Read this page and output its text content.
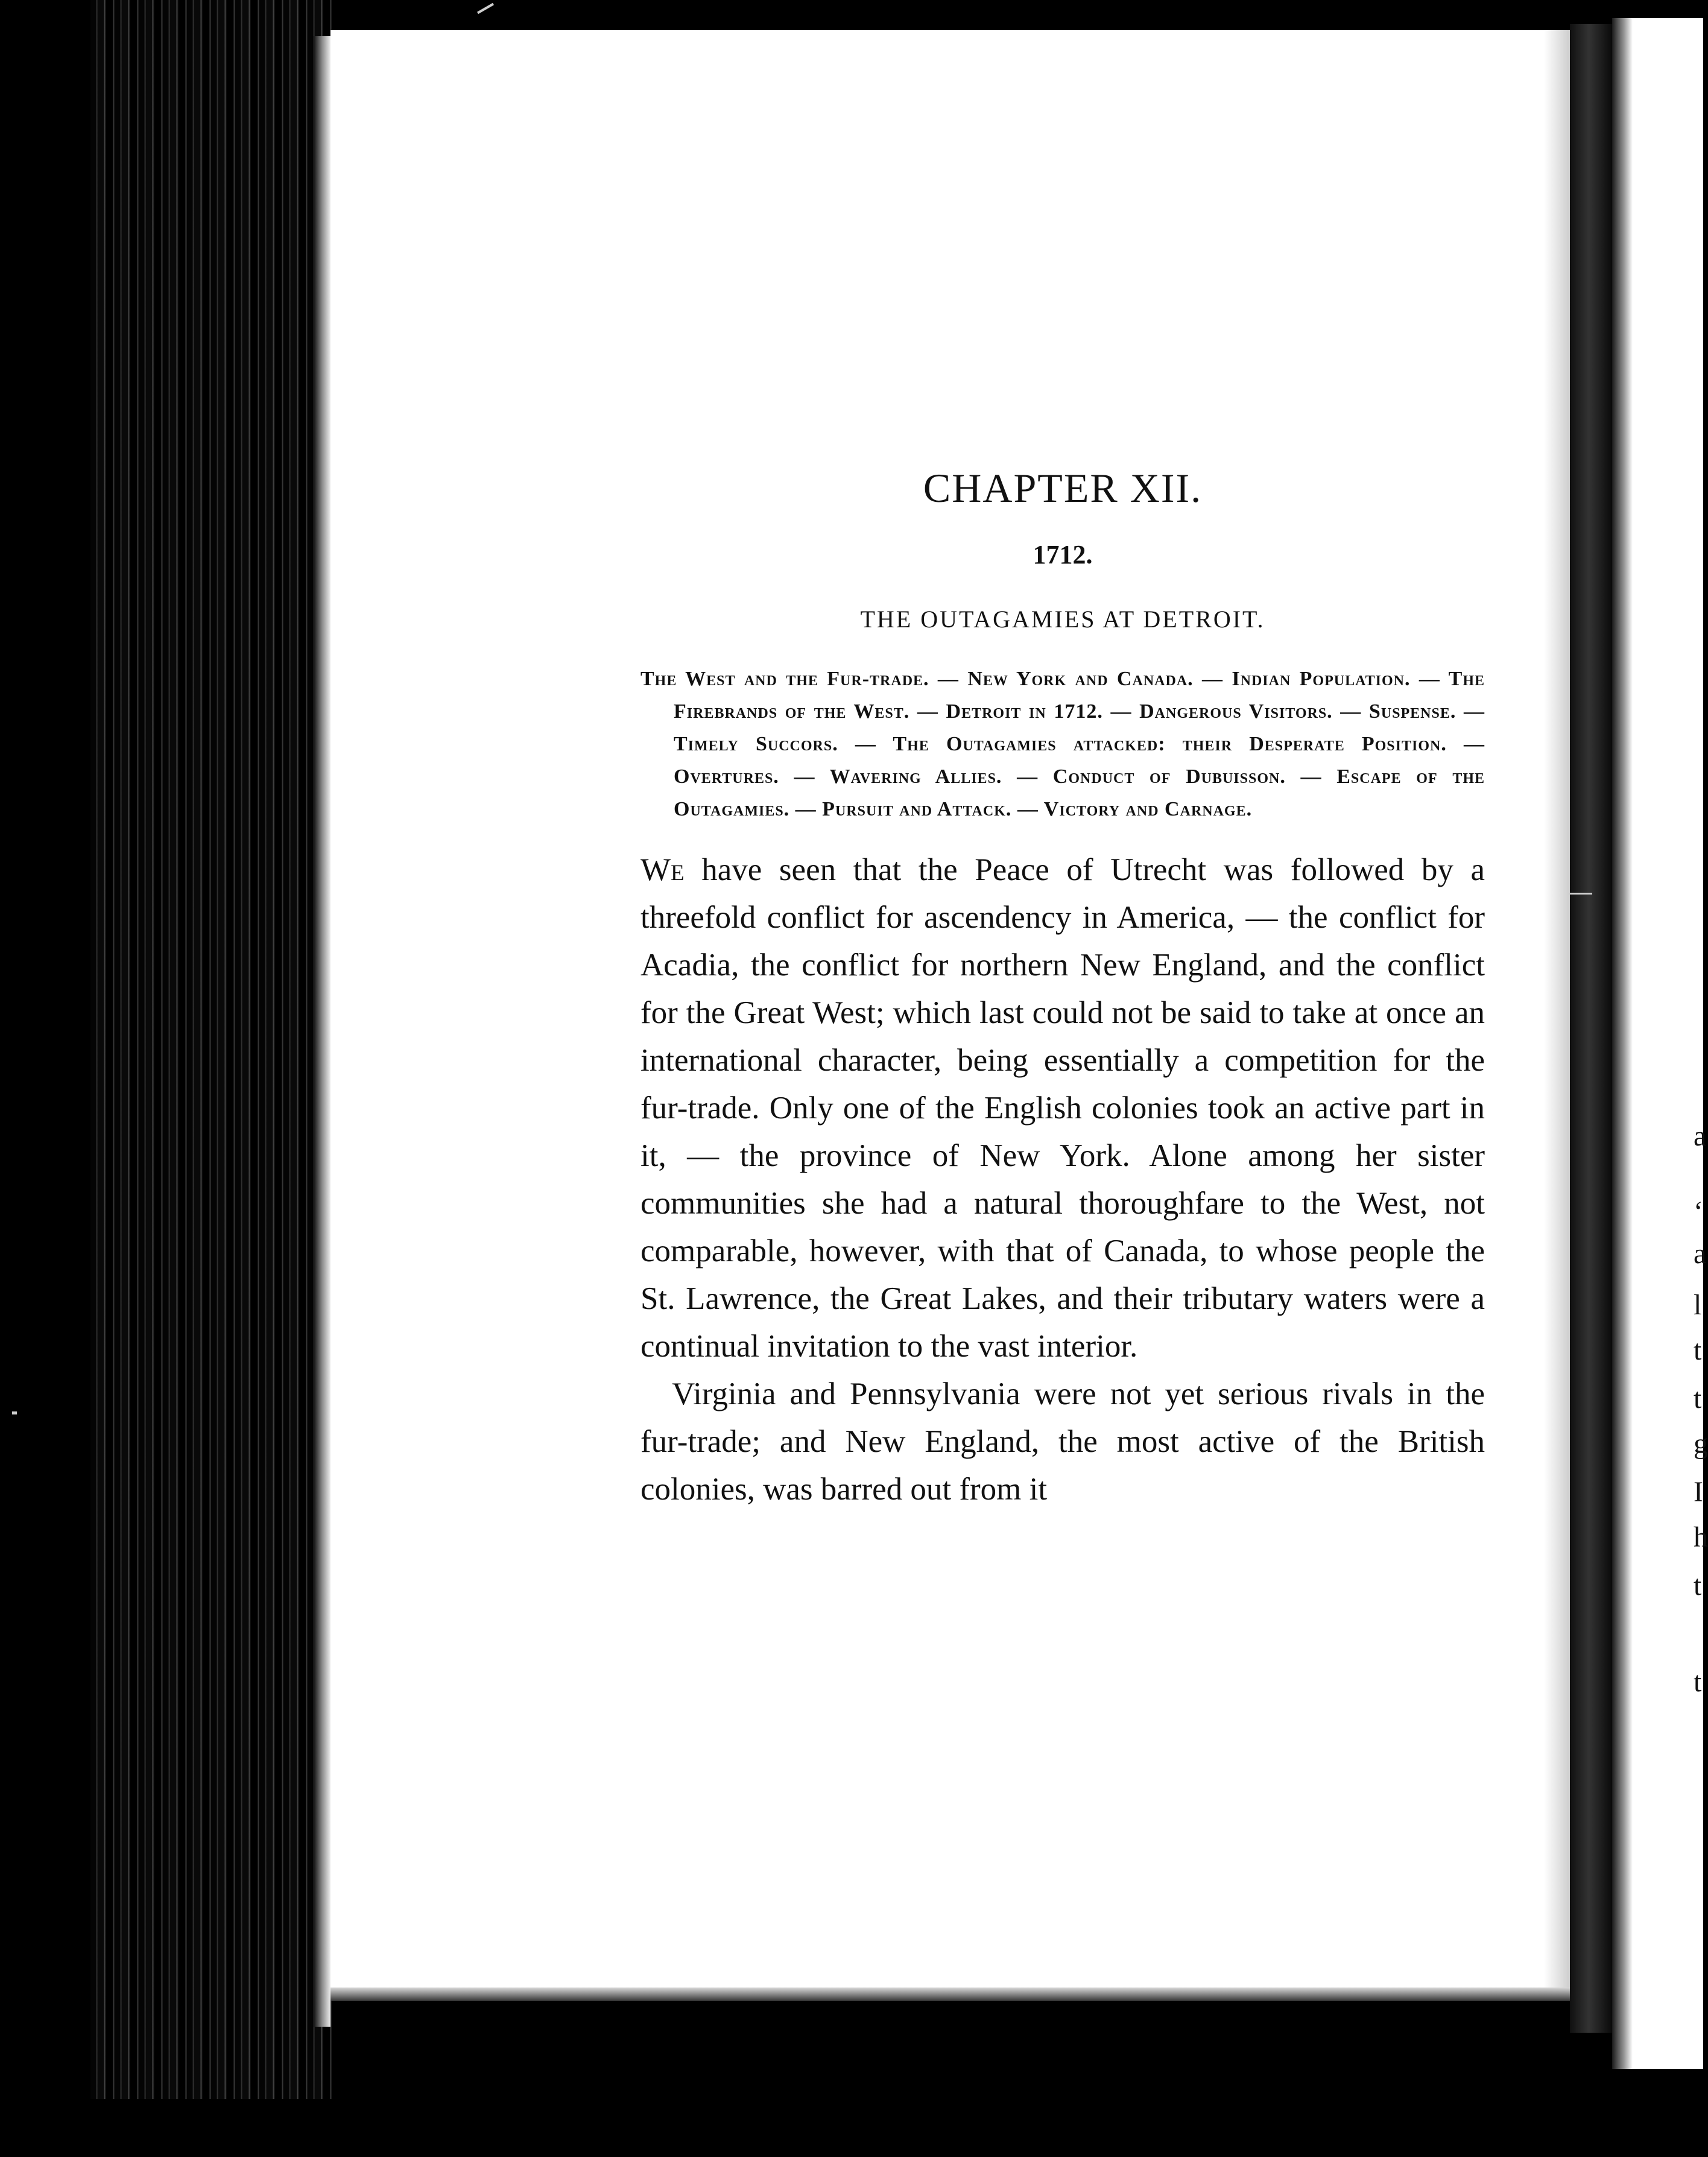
a
ʻ
a
l
t
t
g
I
h
t
t
CHAPTER XII.
1712.
THE OUTAGAMIES AT DETROIT.

The West and the Fur-trade. — New York and Canada. — Indian Population. — The Firebrands of the West. — Detroit in 1712. — Dangerous Visitors. — Suspense. — Timely Succors. — The Outagamies attacked: their Desperate Position. — Overtures. — Wavering Allies. — Conduct of Dubuisson. — Escape of the Outagamies. — Pursuit and Attack. — Victory and Carnage.

We have seen that the Peace of Utrecht was followed by a threefold conflict for ascendency in America, — the conflict for Acadia, the conflict for northern New England, and the conflict for the Great West; which last could not be said to take at once an international character, being essentially a competition for the fur-trade. Only one of the English colonies took an active part in it, — the province of New York. Alone among her sister communities she had a natural thoroughfare to the West, not comparable, however, with that of Canada, to whose people the St. Lawrence, the Great Lakes, and their tributary waters were a continual invitation to the vast interior.

Virginia and Pennsylvania were not yet serious rivals in the fur-trade; and New England, the most active of the British colonies, was barred out from it
